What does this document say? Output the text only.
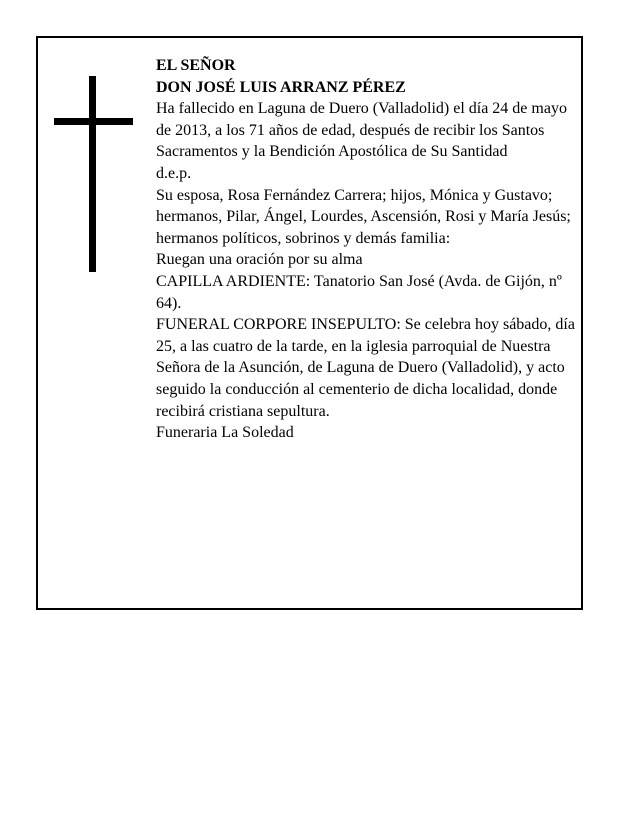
EL SEÑOR
DON JOSÉ LUIS ARRANZ PÉREZ
Ha fallecido en Laguna de Duero (Valladolid) el día 24 de mayo de 2013, a los 71 años de edad, después de recibir los Santos Sacramentos y la Bendición Apostólica de Su Santidad
d.e.p.
Su esposa, Rosa Fernández Carrera; hijos, Mónica y Gustavo; hermanos, Pilar, Ángel, Lourdes, Ascensión, Rosi y María Jesús; hermanos políticos, sobrinos y demás familia:
Ruegan una oración por su alma
CAPILLA ARDIENTE: Tanatorio San José (Avda. de Gijón, nº 64).
FUNERAL CORPORE INSEPULTO: Se celebra hoy sábado, día 25, a las cuatro de la tarde, en la iglesia parroquial de Nuestra Señora de la Asunción, de Laguna de Duero (Valladolid), y acto seguido la conducción al cementerio de dicha localidad, donde recibirá cristiana sepultura.
Funeraria La Soledad
